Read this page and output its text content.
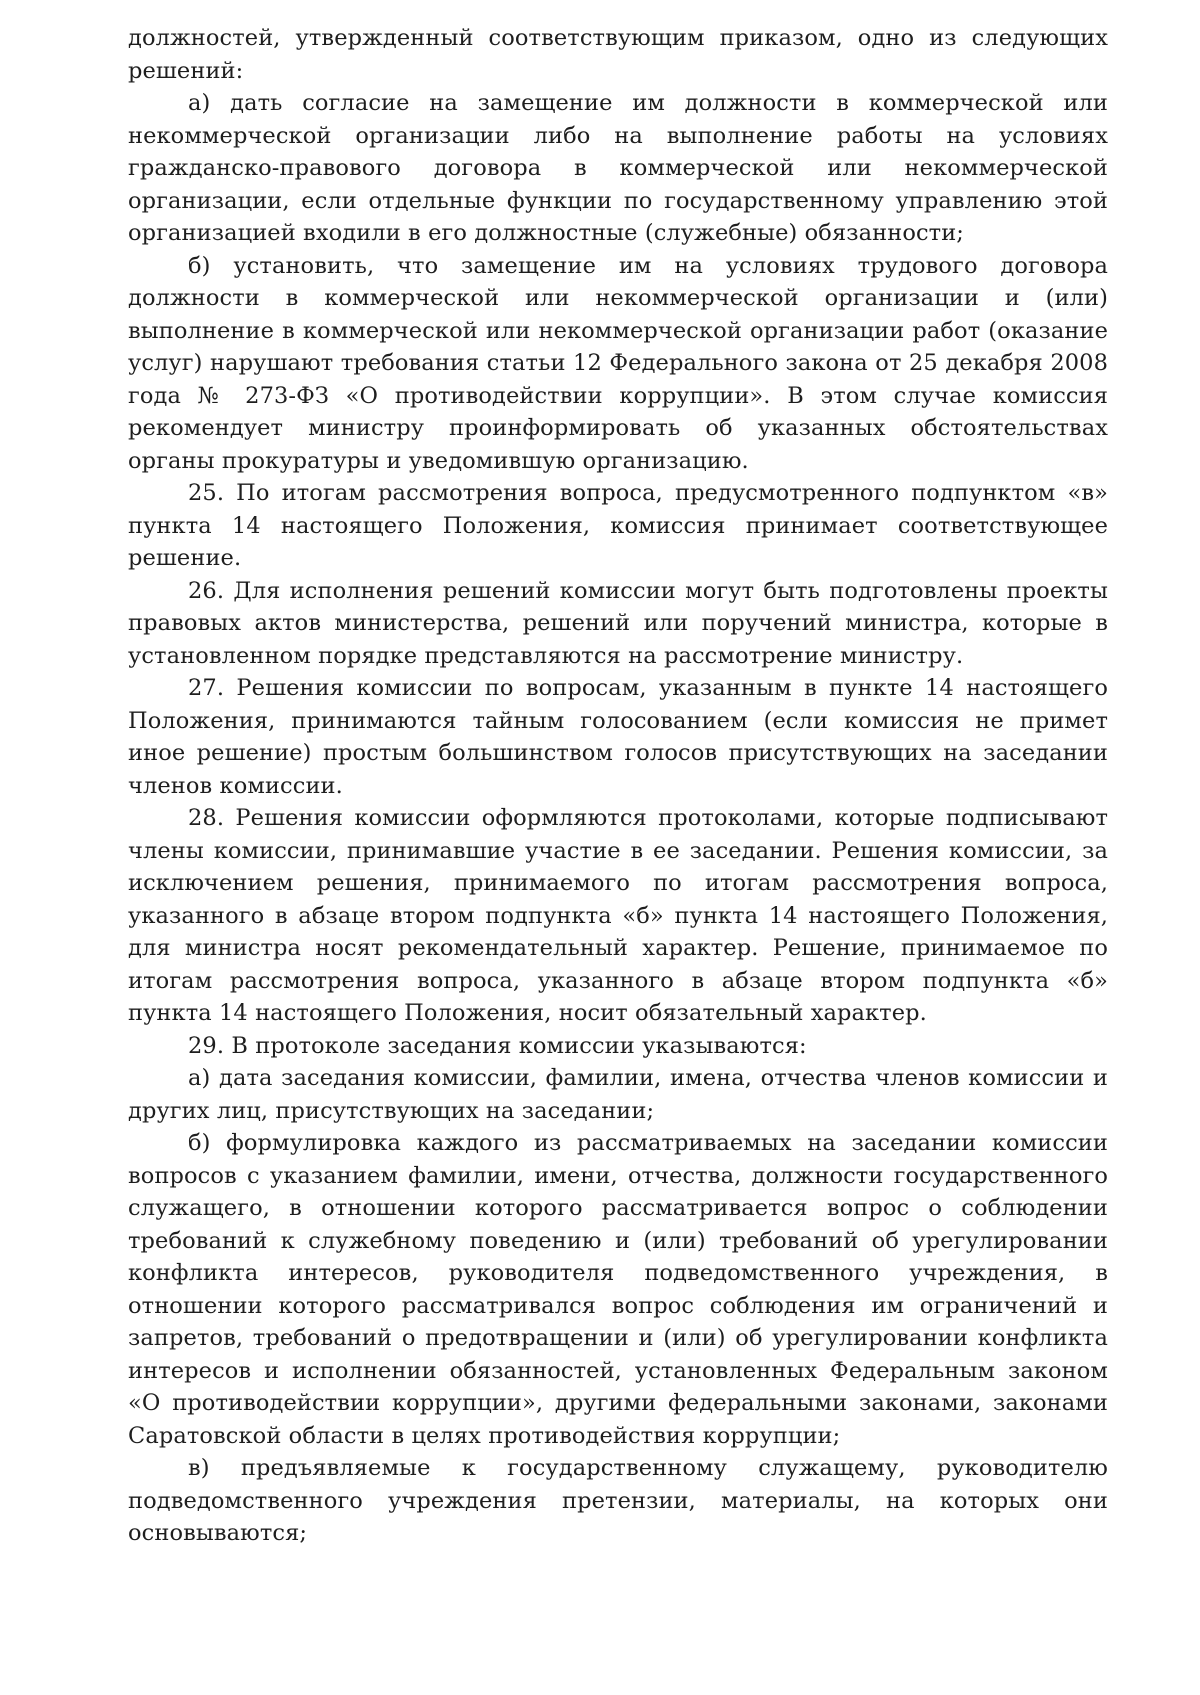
должностей, утвержденный соответствующим приказом, одно из следующих решений:

а) дать согласие на замещение им должности в коммерческой или некоммерческой организации либо на выполнение работы на условиях гражданско-правового договора в коммерческой или некоммерческой организации, если отдельные функции по государственному управлению этой организацией входили в его должностные (служебные) обязанности;

б) установить, что замещение им на условиях трудового договора должности в коммерческой или некоммерческой организации и (или) выполнение в коммерческой или некоммерческой организации работ (оказание услуг) нарушают требования статьи 12 Федерального закона от 25 декабря 2008 года № 273-ФЗ «О противодействии коррупции». В этом случае комиссия рекомендует министру проинформировать об указанных обстоятельствах органы прокуратуры и уведомившую организацию.

25. По итогам рассмотрения вопроса, предусмотренного подпунктом «в» пункта 14 настоящего Положения, комиссия принимает соответствующее решение.

26. Для исполнения решений комиссии могут быть подготовлены проекты правовых актов министерства, решений или поручений министра, которые в установленном порядке представляются на рассмотрение министру.

27. Решения комиссии по вопросам, указанным в пункте 14 настоящего Положения, принимаются тайным голосованием (если комиссия не примет иное решение) простым большинством голосов присутствующих на заседании членов комиссии.

28. Решения комиссии оформляются протоколами, которые подписывают члены комиссии, принимавшие участие в ее заседании. Решения комиссии, за исключением решения, принимаемого по итогам рассмотрения вопроса, указанного в абзаце втором подпункта «б» пункта 14 настоящего Положения, для министра носят рекомендательный характер. Решение, принимаемое по итогам рассмотрения вопроса, указанного в абзаце втором подпункта «б» пункта 14 настоящего Положения, носит обязательный характер.

29. В протоколе заседания комиссии указываются:

а) дата заседания комиссии, фамилии, имена, отчества членов комиссии и других лиц, присутствующих на заседании;

б) формулировка каждого из рассматриваемых на заседании комиссии вопросов с указанием фамилии, имени, отчества, должности государственного служащего, в отношении которого рассматривается вопрос о соблюдении требований к служебному поведению и (или) требований об урегулировании конфликта интересов, руководителя подведомственного учреждения, в отношении которого рассматривался вопрос соблюдения им ограничений и запретов, требований о предотвращении и (или) об урегулировании конфликта интересов и исполнении обязанностей, установленных Федеральным законом «О противодействии коррупции», другими федеральными законами, законами Саратовской области в целях противодействия коррупции;

в) предъявляемые к государственному служащему, руководителю подведомственного учреждения претензии, материалы, на которых они основываются;
